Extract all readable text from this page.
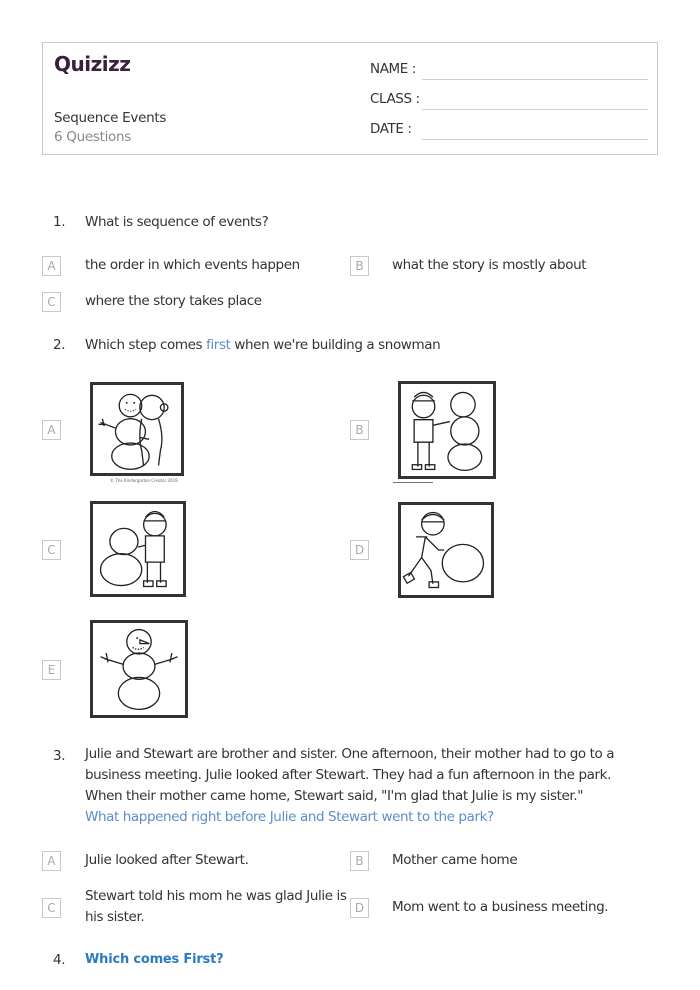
Quizizz
Sequence Events
6 Questions
NAME :
CLASS :
DATE :
1. What is sequence of events?
A	the order in which events happen	B	what the story is mostly about
C	where the story takes place
2. Which step comes first when we're building a snowman
A
© The Kindergarten Creator 2019
B
C	D
E
3. Julie and Stewart are brother and sister. One afternoon, their mother had to go to a business meeting. Julie looked after Stewart. They had a fun afternoon in the park. When their mother came home, Stewart said, "I'm glad that Julie is my sister."
What happened right before Julie and Stewart went to the park?
A	Julie looked after Stewart.	B	Mother came home
C
Stewart told his mom he was glad Julie is his sister.
D	Mom went to a business meeting.
4. Which comes First?
